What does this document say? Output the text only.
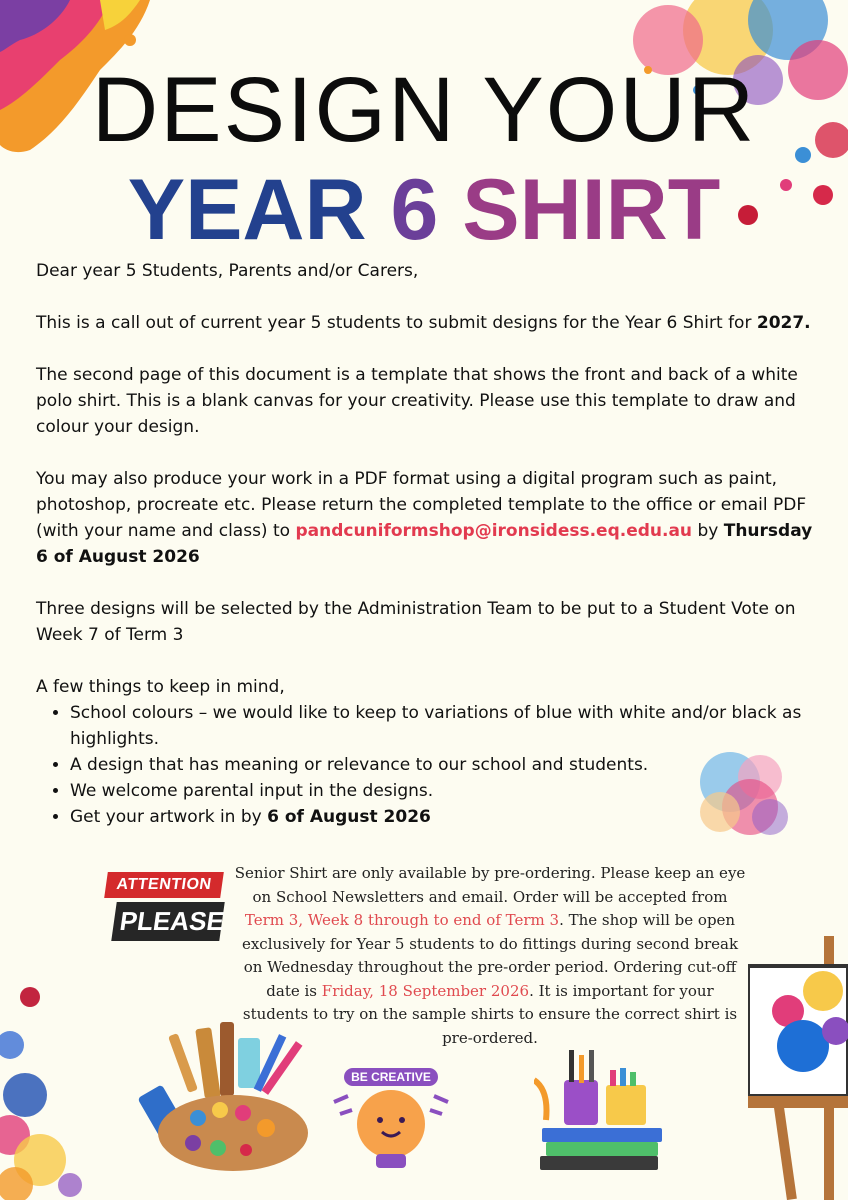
DESIGN YOUR
YEAR 6 SHIRT

Dear year 5 Students, Parents and/or Carers,

This is a call out of current year 5 students to submit designs for the Year 6 Shirt for 2027.

The second page of this document is a template that shows the front and back of a white polo shirt. This is a blank canvas for your creativity. Please use this template to draw and colour your design.

You may also produce your work in a PDF format using a digital program such as paint, photoshop, procreate etc. Please return the completed template to the office or email PDF (with your name and class) to pandcuniformshop@ironsidess.eq.edu.au by Thursday 6 of August 2026

Three designs will be selected by the Administration Team to be put to a Student Vote on Week 7 of Term 3

A few things to keep in mind,
• School colours – we would like to keep to variations of blue with white and/or black as highlights.
• A design that has meaning or relevance to our school and students.
• We welcome parental input in the designs.
• Get your artwork in by 6 of August 2026
ATTENTION
PLEASE
Senior Shirt are only available by pre-ordering. Please keep an eye on School Newsletters and email. Order will be accepted from Term 3, Week 8 through to end of Term 3. The shop will be open exclusively for Year 5 students to do fittings during second break on Wednesday throughout the pre-order period. Ordering cut-off date is Friday, 18 September 2026. It is important for your students to try on the sample shirts to ensure the correct shirt is pre-ordered.
BE CREATIVE
